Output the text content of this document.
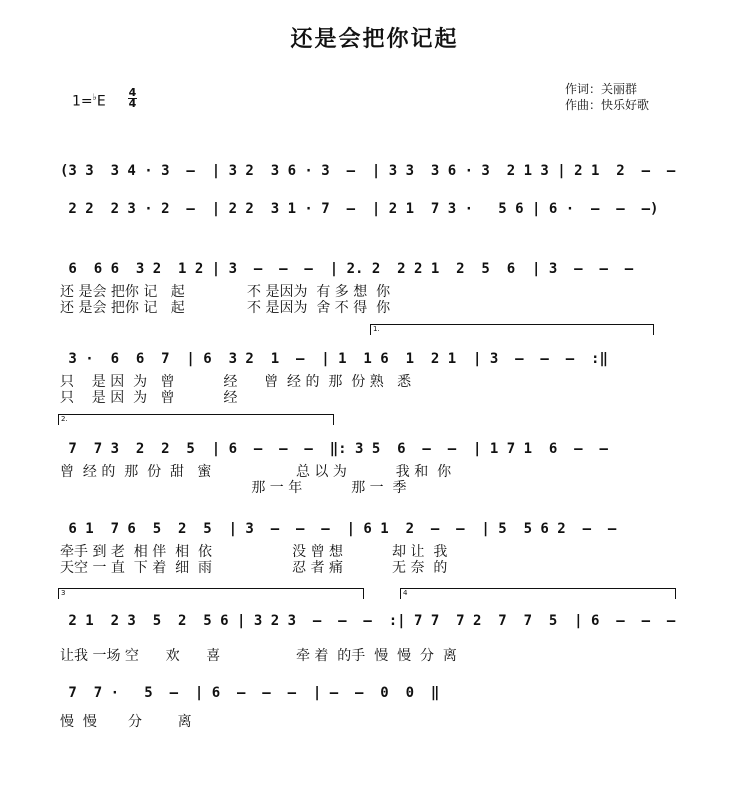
还是会把你记起
作词：关丽群
作曲：快乐好歌
1=♭E
4
4
(3 3  3 4 · 3  –  | 3 2  3 6 · 3  –  | 3 3  3 6 · 3  2 1 3 | 2 1  2  –  –
2 2  2 3 · 2  –  | 2 2  3 1 · 7  –  | 2 1  7 3 ·   5 6 | 6 ·  –  –  –)
6  6 6  3 2  1 2 | 3  –  –  –  | 2. 2  2 2 1  2  5  6  | 3  –  –  –
还 是会 把你 记   起              不 是因为  有 多 想  你
还 是会 把你 记   起              不 是因为  舍 不 得  你
1.
3 ·  6  6  7  | 6  3 2  1  –  | 1  1 6  1  2 1  | 3  –  –  –  :‖
只    是 因  为   曾           经      曾  经 的  那  份 熟   悉
只    是 因  为   曾           经
2.
7  7 3  2  2  5  | 6  –  –  –  ‖: 3 5  6  –  –  | 1 7 1  6  –  –
曾  经 的  那  份  甜   蜜                   总 以 为           我 和  你
那 一 年           那 一  季
6 1  7 6  5  2  5  | 3  –  –  –  | 6 1  2  –  –  | 5  5 6 2  –  –
牵手 到 老  相 伴  相  依                  没 曾 想           却 让  我
天空 一 直  下 着  细  雨                  忍 者 痛           无 奈  的
3	4
2 1  2 3  5  2  5 6 | 3 2 3  –  –  –  :| 7 7  7 2  7  7  5  | 6  –  –  –
让我 一场 空      欢      喜                 牵 着  的手  慢  慢  分  离
7  7 ·   5  –  | 6  –  –  –  | –  –  0  0  ‖
慢  慢       分        离
